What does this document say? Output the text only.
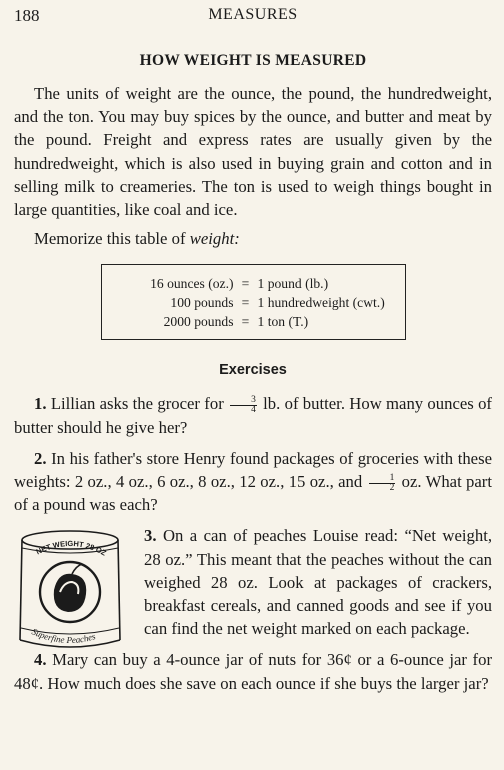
188	MEASURES
HOW WEIGHT IS MEASURED

The units of weight are the ounce, the pound, the hundredweight, and the ton. You may buy spices by the ounce, and butter and meat by the pound. Freight and express rates are usually given by the hundredweight, which is also used in buying grain and cotton and in selling milk to creameries. The ton is used to weigh things bought in large quantities, like coal and ice.

Memorize this table of weight:

16 ounces (oz.) = 1 pound (lb.)
100 pounds = 1 hundredweight (cwt.)
2000 pounds = 1 ton (T.)
Exercises

1. Lillian asks the grocer for $\frac{3}{4}$ lb. of butter. How many ounces of butter should he give her?

2. In his father's store Henry found packages of groceries with these weights: 2 oz., 4 oz., 6 oz., 8 oz., 12 oz., 15 oz., and $\frac{1}{2}$ oz. What part of a pound was each?

NET WEIGHT 28 OZ
Superfine Peaches

3. On a can of peaches Louise read: “Net weight, 28 oz.” This meant that the peaches without the can weighed 28 oz. Look at packages of crackers, breakfast cereals, and canned goods and see if you can find the net weight marked on each package.

4. Mary can buy a 4-ounce jar of nuts for 36¢ or a 6-ounce jar for 48¢. How much does she save on each ounce if she buys the larger jar?
